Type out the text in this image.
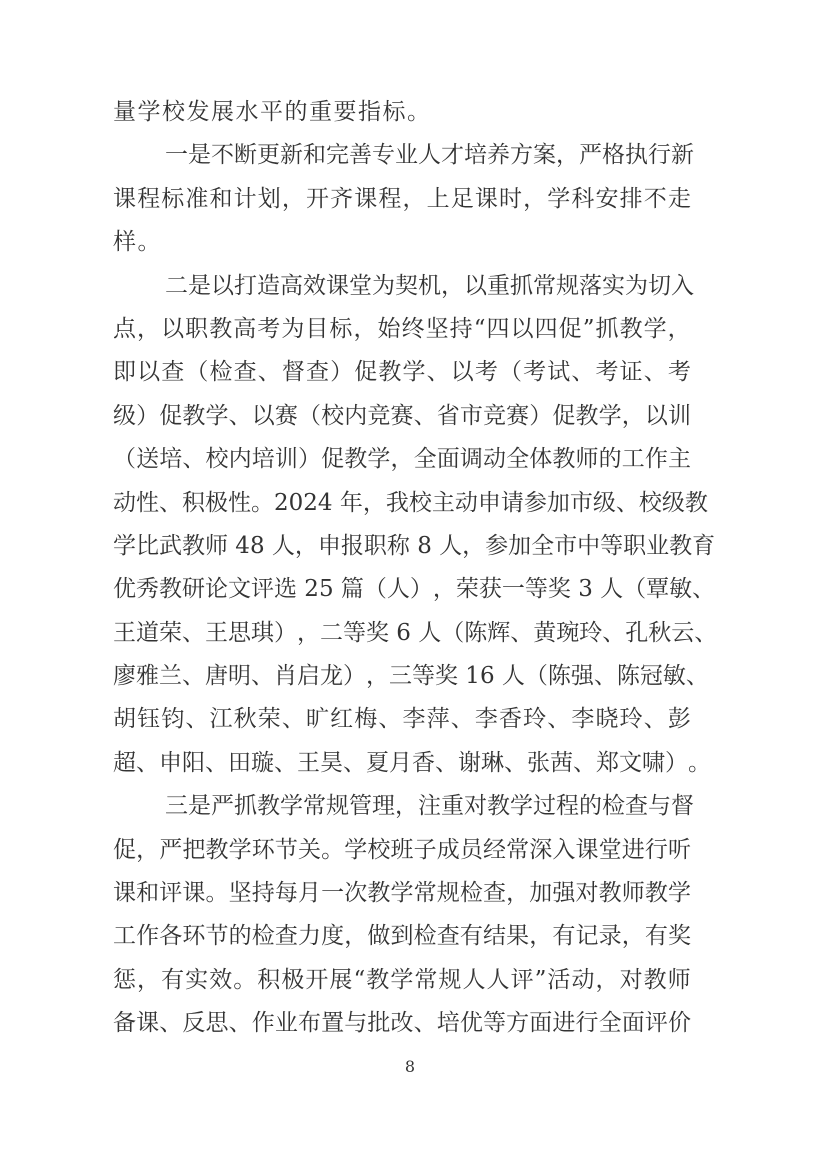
量学校发展水平的重要指标。
一 是 不 断 更 新 和 完 善 专 业 人 才 培 养 方 案 ， 严 格 执 行 新
课 程 标 准 和 计 划 ， 开 齐 课 程 ， 上 足 课 时 ， 学 科 安 排 不 走
样。
二 是 以 打 造 高 效 课 堂 为 契 机 ， 以 重 抓 常 规 落 实 为 切 入
点 ， 以 职 教 高 考 为 目 标 ， 始 终 坚 持 “ 四 以 四 促 ” 抓 教 学 ，
即 以 查 （ 检 查 、 督 查 ） 促 教 学 、 以 考 （ 考 试 、 考 证 、 考
级 ） 促 教 学 、 以 赛 （ 校 内 竞 赛 、 省 市 竞 赛 ） 促 教 学 ， 以 训
（ 送 培 、 校 内 培 训 ） 促 教 学 ， 全 面 调 动 全 体 教 师 的 工 作 主
动 性 、 积 极 性 。 2024 年 ， 我 校 主 动 申 请 参 加 市 级 、 校 级 教
学 比 武 教 师 48 人 ， 申 报 职 称 8 人 ， 参 加 全 市 中 等 职 业 教 育
优 秀 教 研 论 文 评 选 25 篇 （ 人 ） ， 荣 获 一 等 奖 3 人 （ 覃 敏 、
王 道 荣 、 王 思 琪 ） ， 二 等 奖 6 人 （ 陈 辉 、 黄 琬 玲 、 孔 秋 云 、
廖 雅 兰 、 唐 明 、 肖 启 龙 ） ， 三 等 奖 16 人 （ 陈 强 、 陈 冠 敏 、
胡 钰 钧 、 江 秋 荣 、 旷 红 梅 、 李 萍 、 李 香 玲 、 李 晓 玲 、 彭
超 、 申 阳 、 田 璇 、 王 昊 、 夏 月 香 、 谢 琳 、 张 茜 、 郑 文 啸 ） 。
三 是 严 抓 教 学 常 规 管 理 ， 注 重 对 教 学 过 程 的 检 查 与 督
促 ， 严 把 教 学 环 节 关 。 学 校 班 子 成 员 经 常 深 入 课 堂 进 行 听
课 和 评 课 。 坚 持 每 月 一 次 教 学 常 规 检 查 ， 加 强 对 教 师 教 学
工 作 各 环 节 的 检 查 力 度 ， 做 到 检 查 有 结 果 ， 有 记 录 ， 有 奖
惩 ， 有 实 效 。 积 极 开 展 “ 教 学 常 规 人 人 评 ” 活 动 ， 对 教 师
备 课 、 反 思 、 作 业 布 置 与 批 改 、 培 优 等 方 面 进 行 全 面 评 价
8
